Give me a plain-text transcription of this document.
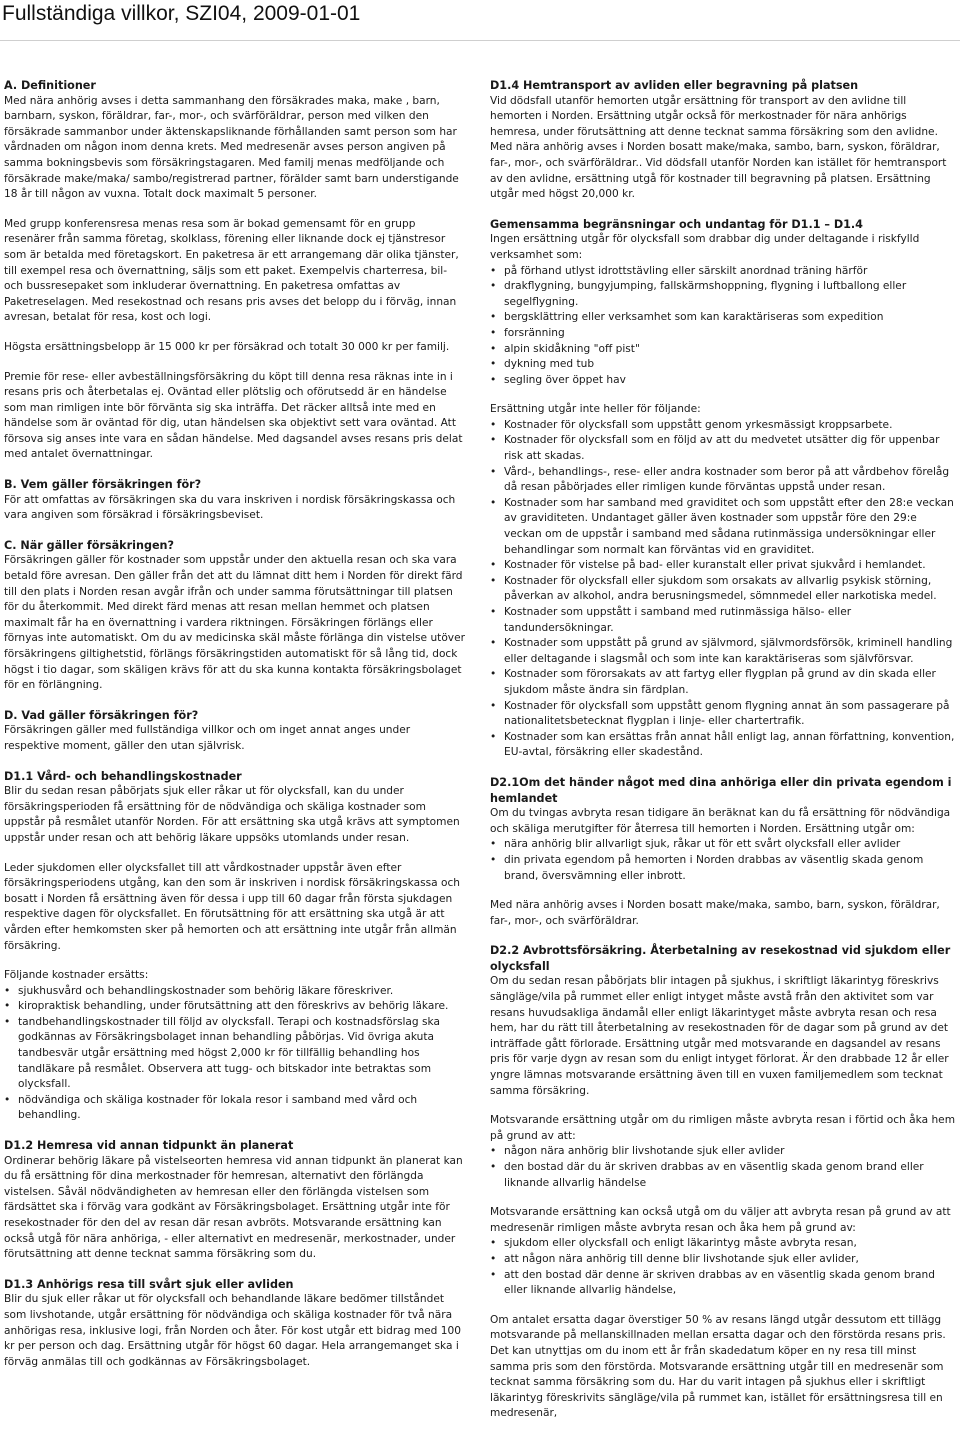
Fullständiga villkor, SZI04, 2009-01-01
A. Definitioner

Med nära anhörig avses i detta sammanhang den försäkrades maka, make , barn, barnbarn, syskon, föräldrar, far-, mor-, och svärföräldrar, person med vilken den försäkrade sammanbor under äktenskapsliknande förhållanden samt person som har vårdnaden om någon inom denna krets. Med medresenär avses person angiven på samma bokningsbevis som försäkringstagaren. Med familj menas medföljande och försäkrade make/maka/ sambo/registrerad partner, förälder samt barn understigande 18 år till någon av vuxna. Totalt dock maximalt 5 personer.

Med grupp konferensresa menas resa som är bokad gemensamt för en grupp resenärer från samma företag, skolklass, förening eller liknande dock ej tjänstresor som är betalda med företagskort. En paketresa är ett arrangemang där olika tjänster, till exempel resa och övernattning, säljs som ett paket. Exempelvis charterresa, bil- och bussresepaket som inkluderar övernattning. En paketresa omfattas av Paketreselagen. Med resekostnad och resans pris avses det belopp du i förväg, innan avresan, betalat för resa, kost och logi.

Högsta ersättningsbelopp är 15 000 kr per försäkrad och totalt 30 000 kr per familj.

Premie för rese- eller avbeställningsförsäkring du köpt till denna resa räknas inte in i resans pris och återbetalas ej. Oväntad eller plötslig och oförutsedd är en händelse som man rimligen inte bör förvänta sig ska inträffa. Det räcker alltså inte med en händelse som är oväntad för dig, utan händelsen ska objektivt sett vara oväntad. Att försova sig anses inte vara en sådan händelse. Med dagsandel avses resans pris delat med antalet övernattningar.

B. Vem gäller försäkringen för?

För att omfattas av försäkringen ska du vara inskriven i nordisk försäkringskassa och vara angiven som försäkrad i försäkringsbeviset.

C. När gäller försäkringen?

Försäkringen gäller för kostnader som uppstår under den aktuella resan och ska vara betald före avresan. Den gäller från det att du lämnat ditt hem i Norden för direkt färd till den plats i Norden resan avgår ifrån och under samma förutsättningar till platsen för du återkommit. Med direkt färd menas att resan mellan hemmet och platsen maximalt får ha en övernattning i vardera riktningen. Försäkringen förlängs eller förnyas inte automatiskt. Om du av medicinska skäl måste förlänga din vistelse utöver försäkringens giltighetstid, förlängs försäkringstiden automatiskt för så lång tid, dock högst i tio dagar, som skäligen krävs för att du ska kunna kontakta försäkringsbolaget för en förlängning.

D. Vad gäller försäkringen för?

Försäkringen gäller med fullständiga villkor och om inget annat anges under respektive moment, gäller den utan självrisk.

D1.1 Vård- och behandlingskostnader

Blir du sedan resan påbörjats sjuk eller råkar ut för olycksfall, kan du under försäkringsperioden få ersättning för de nödvändiga och skäliga kostnader som uppstår på resmålet utanför Norden. För att ersättning ska utgå krävs att symptomen uppstår under resan och att behörig läkare uppsöks utomlands under resan.

Leder sjukdomen eller olycksfallet till att vårdkostnader uppstår även efter försäkringsperiodens utgång, kan den som är inskriven i nordisk försäkringskassa och bosatt i Norden få ersättning även för dessa i upp till 60 dagar från första sjukdagen respektive dagen för olycksfallet. En förutsättning för att ersättning ska utgå är att vården efter hemkomsten sker på hemorten och att ersättning inte utgår från allmän försäkring.

Följande kostnader ersätts:

• sjukhusvård och behandlingskostnader som behörig läkare föreskriver.
• kiropraktisk behandling, under förutsättning att den föreskrivs av behörig läkare.
• tandbehandlingskostnader till följd av olycksfall. Terapi och kostnadsförslag ska godkännas av Försäkringsbolaget innan behandling påbörjas. Vid övriga akuta tandbesvär utgår ersättning med högst 2,000 kr för tillfällig behandling hos tandläkare på resmålet. Observera att tugg- och bitskador inte betraktas som olycksfall.
• nödvändiga och skäliga kostnader för lokala resor i samband med vård och behandling.
D1.2 Hemresa vid annan tidpunkt än planerat

Ordinerar behörig läkare på vistelseorten hemresa vid annan tidpunkt än planerat kan du få ersättning för dina merkostnader för hemresan, alternativt den förlängda vistelsen. Såväl nödvändigheten av hemresan eller den förlängda vistelsen som färdsättet ska i förväg vara godkänt av Försäkringsbolaget. Ersättning utgår inte för resekostnader för den del av resan där resan avbröts. Motsvarande ersättning kan också utgå för nära anhöriga, - eller alternativt en medresenär, merkostnader, under förutsättning att denne tecknat samma försäkring som du.

D1.3 Anhörigs resa till svårt sjuk eller avliden

Blir du sjuk eller råkar ut för olycksfall och behandlande läkare bedömer tillståndet som livshotande, utgår ersättning för nödvändiga och skäliga kostnader för två nära anhörigas resa, inklusive logi, från Norden och åter. För kost utgår ett bidrag med 100 kr per person och dag. Ersättning utgår för högst 60 dagar. Hela arrangemanget ska i förväg anmälas till och godkännas av Försäkringsbolaget.

D1.4 Hemtransport av avliden eller begravning på platsen

Vid dödsfall utanför hemorten utgår ersättning för transport av den avlidne till hemorten i Norden. Ersättning utgår också för merkostnader för nära anhörigs hemresa, under förutsättning att denne tecknat samma försäkring som den avlidne. Med nära anhörig avses i Norden bosatt make/maka, sambo, barn, syskon, föräldrar, far-, mor-, och svärföräldrar.. Vid dödsfall utanför Norden kan istället för hemtransport av den avlidne, ersättning utgå för kostnader till begravning på platsen. Ersättning utgår med högst 20,000 kr.

Gemensamma begränsningar och undantag för D1.1 – D1.4

Ingen ersättning utgår för olycksfall som drabbar dig under deltagande i riskfylld verksamhet som:

• på förhand utlyst idrottstävling eller särskilt anordnad träning härför
• drakflygning, bungyjumping, fallskärmshoppning, flygning i luftballong eller segelflygning.
• bergsklättring eller verksamhet som kan karaktäriseras som expedition
• forsränning
• alpin skidåkning "off pist"
• dykning med tub
• segling över öppet hav

Ersättning utgår inte heller för följande:

• Kostnader för olycksfall som uppstått genom yrkesmässigt kroppsarbete.
• Kostnader för olycksfall som en följd av att du medvetet utsätter dig för uppenbar risk att skadas.
• Vård-, behandlings-, rese- eller andra kostnader som beror på att vårdbehov förelåg då resan påbörjades eller rimligen kunde förväntas uppstå under resan.
• Kostnader som har samband med graviditet och som uppstått efter den 28:e veckan av graviditeten. Undantaget gäller även kostnader som uppstår före den 29:e veckan om de uppstår i samband med sådana rutinmässiga undersökningar eller behandlingar som normalt kan förväntas vid en graviditet.
• Kostnader för vistelse på bad- eller kuranstalt eller privat sjukvård i hemlandet.
• Kostnader för olycksfall eller sjukdom som orsakats av allvarlig psykisk störning, påverkan av alkohol, andra berusningsmedel, sömnmedel eller narkotiska medel.
• Kostnader som uppstått i samband med rutinmässiga hälso- eller tandundersökningar.
• Kostnader som uppstått på grund av självmord, självmordsförsök, kriminell handling eller deltagande i slagsmål och som inte kan karaktäriseras som självförsvar.
• Kostnader som förorsakats av att fartyg eller flygplan på grund av din skada eller sjukdom måste ändra sin färdplan.
• Kostnader för olycksfall som uppstått genom flygning annat än som passagerare på nationalitetsbetecknat flygplan i linje- eller chartertrafik.
• Kostnader som kan ersättas från annat håll enligt lag, annan författning, konvention, EU-avtal, försäkring eller skadestånd.
D2.1Om det händer något med dina anhöriga eller din privata egendom i hemlandet

Om du tvingas avbryta resan tidigare än beräknat kan du få ersättning för nödvändiga och skäliga merutgifter för återresa till hemorten i Norden. Ersättning utgår om:

• nära anhörig blir allvarligt sjuk, råkar ut för ett svårt olycksfall eller avlider
• din privata egendom på hemorten i Norden drabbas av väsentlig skada genom brand, översvämning eller inbrott.

Med nära anhörig avses i Norden bosatt make/maka, sambo, barn, syskon, föräldrar, far-, mor-, och svärföräldrar.

D2.2 Avbrottsförsäkring. Återbetalning av resekostnad vid sjukdom eller olycksfall

Om du sedan resan påbörjats blir intagen på sjukhus, i skriftligt läkarintyg föreskrivs sängläge/vila på rummet eller enligt intyget måste avstå från den aktivitet som var resans huvudsakliga ändamål eller enligt läkarintyget måste avbryta resan och resa hem, har du rätt till återbetalning av resekostnaden för de dagar som på grund av det inträffade gått förlorade. Ersättning utgår med motsvarande en dagsandel av resans pris för varje dygn av resan som du enligt intyget förlorat. Är den drabbade 12 år eller yngre lämnas motsvarande ersättning även till en vuxen familjemedlem som tecknat samma försäkring.

Motsvarande ersättning utgår om du rimligen måste avbryta resan i förtid och åka hem på grund av att:

• någon nära anhörig blir livshotande sjuk eller avlider
• den bostad där du är skriven drabbas av en väsentlig skada genom brand eller liknande allvarlig händelse

Motsvarande ersättning kan också utgå om du väljer att avbryta resan på grund av att medresenär rimligen måste avbryta resan och åka hem på grund av:

• sjukdom eller olycksfall och enligt läkarintyg måste avbryta resan,
• att någon nära anhörig till denne blir livshotande sjuk eller avlider,
• att den bostad där denne är skriven drabbas av en väsentlig skada genom brand eller liknande allvarlig händelse,

Om antalet ersatta dagar överstiger 50 % av resans längd utgår dessutom ett tillägg motsvarande på mellanskillnaden mellan ersatta dagar och den förstörda resans pris. Det kan utnyttjas om du inom ett år från skadedatum köper en ny resa till minst samma pris som den förstörda. Motsvarande ersättning utgår till en medresenär som tecknat samma försäkring som du. Har du varit intagen på sjukhus eller i skriftligt läkarintyg föreskrivits sängläge/vila på rummet kan, istället för ersättningsresa till en medresenär,
